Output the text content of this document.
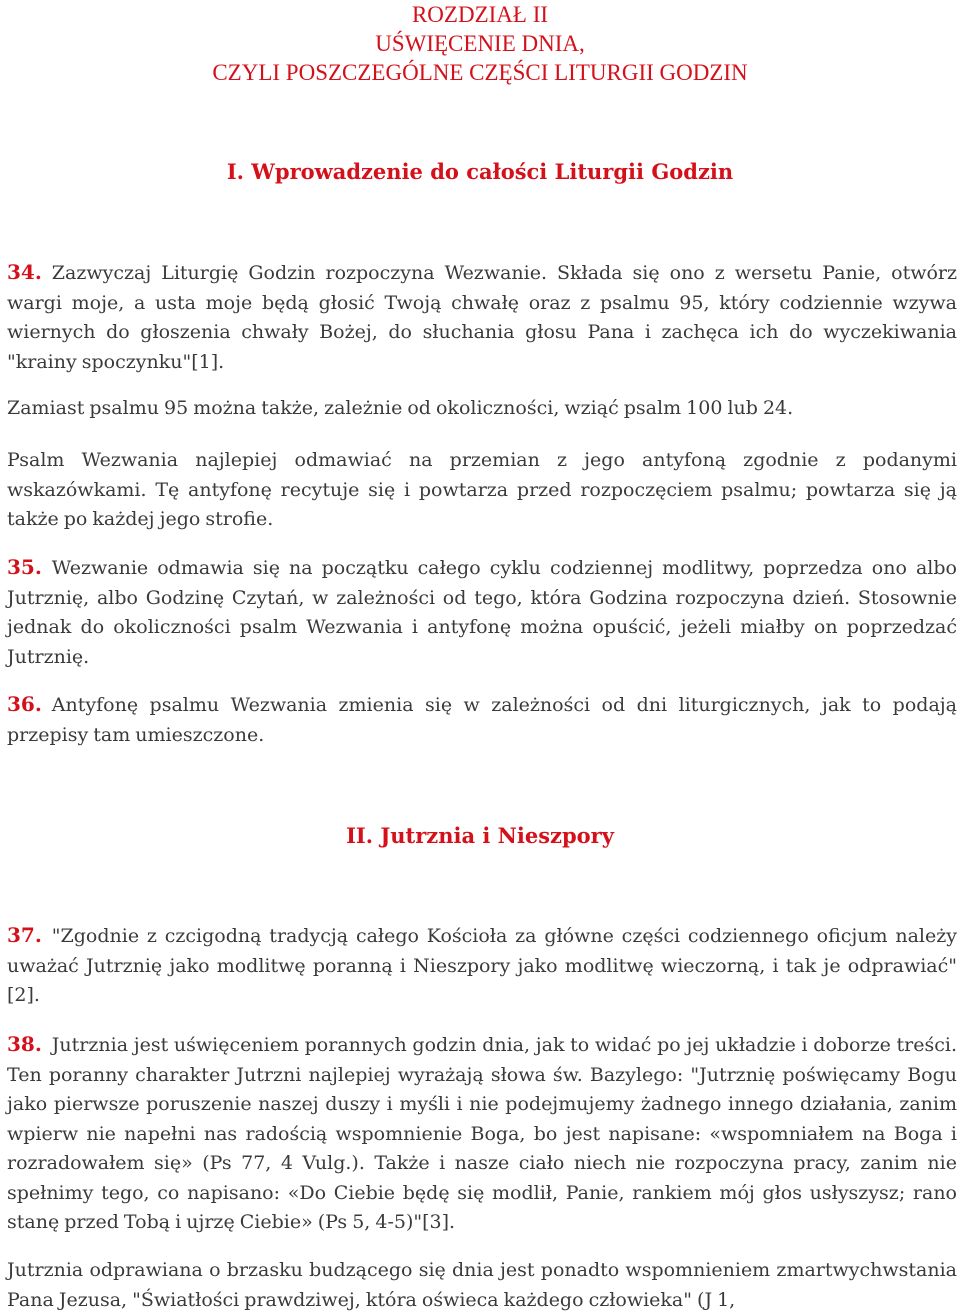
ROZDZIAŁ II
UŚWIĘCENIE DNIA,
CZYLI POSZCZEGÓLNE CZĘŚCI LITURGII GODZIN
I. Wprowadzenie do całości Liturgii Godzin

34. Zazwyczaj Liturgię Godzin rozpoczyna Wezwanie. Składa się ono z wersetu Panie, otwórz wargi moje, a usta moje będą głosić Twoją chwałę oraz z psalmu 95, który codziennie wzywa wiernych do głoszenia chwały Bożej, do słuchania głosu Pana i zachęca ich do wyczekiwania "krainy spoczynku"[1].

Zamiast psalmu 95 można także, zależnie od okoliczności, wziąć psalm 100 lub 24.

Psalm Wezwania najlepiej odmawiać na przemian z jego antyfoną zgodnie z podanymi wskazówkami. Tę antyfonę recytuje się i powtarza przed rozpoczęciem psalmu; powtarza się ją także po każdej jego strofie.

35. Wezwanie odmawia się na początku całego cyklu codziennej modlitwy, poprzedza ono albo Jutrznię, albo Godzinę Czytań, w zależności od tego, która Godzina rozpoczyna dzień. Stosownie jednak do okoliczności psalm Wezwania i antyfonę można opuścić, jeżeli miałby on poprzedzać Jutrznię.

36. Antyfonę psalmu Wezwania zmienia się w zależności od dni liturgicznych, jak to podają przepisy tam umieszczone.

II. Jutrznia i Nieszpory

37. "Zgodnie z czcigodną tradycją całego Kościoła za główne części codziennego oficjum należy uważać Jutrznię jako modlitwę poranną i Nieszpory jako modlitwę wieczorną, i tak je odprawiać"[2].

38. Jutrznia jest uświęceniem porannych godzin dnia, jak to widać po jej układzie i doborze treści. Ten poranny charakter Jutrzni najlepiej wyrażają słowa św. Bazylego: "Jutrznię poświęcamy Bogu jako pierwsze poruszenie naszej duszy i myśli i nie podejmujemy żadnego innego działania, zanim wpierw nie napełni nas radością wspomnienie Boga, bo jest napisane: «wspomniałem na Boga i rozradowałem się» (Ps 77, 4 Vulg.). Także i nasze ciało niech nie rozpoczyna pracy, zanim nie spełnimy tego, co napisano: «Do Ciebie będę się modlił, Panie, rankiem mój głos usłyszysz; rano stanę przed Tobą i ujrzę Ciebie» (Ps 5, 4-5)"[3].

Jutrznia odprawiana o brzasku budzącego się dnia jest ponadto wspomnieniem zmartwychwstania Pana Jezusa, "Światłości prawdziwej, która oświeca każdego człowieka" (J 1,
